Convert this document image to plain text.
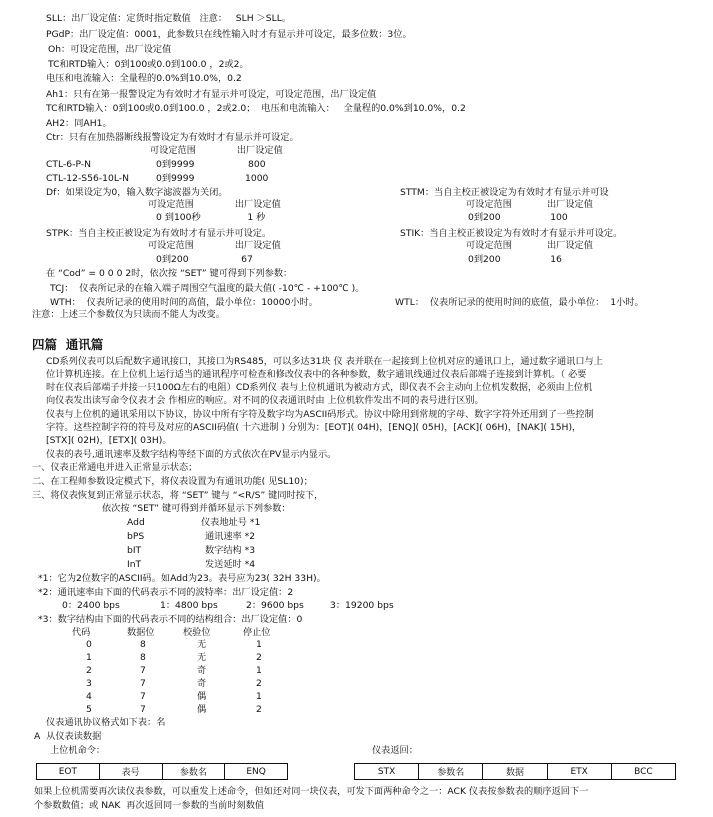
SLL：出厂设定值：定货时指定数值   注意：   SLH ＞SLL。
PGdP：出厂设定值：0001，此参数只在线性输入时才有显示并可设定，最多位数：3位。
Oh：可设定范围，出厂设定值
TC和RTD输入：0到100或0.0到100.0 ，2或2。
电压和电流输入：全量程的0.0%到10.0%，0.2
Ah1：只有在第一报警设定为有效时才有显示并可设定，可设定范围，出厂设定值
TC和RTD输入：0到100或0.0到100.0 ，2或2.0；  电压和电流输入：   全量程的0.0%到10.0%，0.2
AH2：同AH1。
Ctr：只有在加热器断线报警设定为有效时才有显示并可设定。
可设定范围              出厂设定值
CTL-6-P-N	0到9999	800
CTL-12-S56-10L-N	0到9999	1000
Df：如果设定为0，输入数字滤波器为关闭。
可设定范围              出厂设定值
0 到100秒                1 秒
STTM：当自主校正被设定为有效时才有显示并可设
可设定范围            出厂设定值
0到200                 100
STPK：当自主校正被设定为有效时才有显示并可设定。
可设定范围              出厂设定值
0到200                  67
STIK：当自主校正被设定为有效时才有显示并可设定。
可设定范围            出厂设定值
0到200                 16
在 “Cod” = 0 0 0 2时，依次按 “SET” 键可得到下列参数：
TCJ：  仪表所记录的在输入端子周围空气温度的最大值( -10℃ - +100℃ )。
WTH：  仪表所记录的使用时间的高值，最小单位：10000小时。	WTL：  仪表所记录的使用时间的底值，最小单位：  1小时。
注意：上述三个参数仅为只读而不能人为改变。
四篇  通讯篇
CD系列仪表可以后配数字通讯接口，其接口为RS485，可以多达31块 仪 表并联在一起接到上位机对应的通讯口上，通过数字通讯口与上
位计算机连接。在上位机上运行适当的通讯程序可检查和修改仪表中的各种参数，数字通讯线通过仪表后部端子连接到计算机。（ 必要
时在仪表后部端子并接一只100Ω左右的电阻）CD系列仪 表与上位机通讯为被动方式，即仪表不会主动向上位机发数据，必须由上位机
向仪表发出读写命令仪表才会 作相应的响应。对不同的仪表通讯时由 上位机软件发出不同的表号进行区别。
仪表与上位机的通讯采用以下协议，协议中所有字符及数字均为ASCII码形式。协议中除用到常规的字母、数字字符外还用到了一些控制
字符。这些控制字符的符号及对应的ASCII码值( 十六进制 ) 分别为：[EOT]( 04H)，[ENQ]( 05H)，[ACK]( 06H)，[NAK]( 15H)，
[STX]( 02H)，[ETX]( 03H)。
仪表的表号,通讯速率及数字结构等经下面的方式依次在PV显示内显示。
一、仪表正常通电并进入正常显示状态；
二、在工程师参数设定模式下，将仪表设置为有通讯功能( 见SL10)；
三、将仪表恢复到正常显示状态，将 “SET” 键与 “<R/S” 键同时按下，
依次按 “SET” 键可得到并循环显示下列参数：
Add	仪表地址号 *1
bPS	通讯速率 *2
bIT	数字结构 *3
InT	发送延时 *4
*1：它为2位数字的ASCII码。如Add为23。表号应为23( 32H 33H)。
*2：通讯速率由下面的代码表示不同的波特率：出厂设定值：2
0：2400 bps	1：4800 bps	2：9600 bps	3：19200 bps
*3：数字结构由下面的代码表示不同的结构组合：出厂设定值：0
代码	数据位	校验位	停止位
0	8	无	1
1	8	无	2
2	7	奇	1
3	7	奇	2
4	7	偶	1
5	7	偶	2
仪表通讯协议格式如下表：名
A  从仪表读数据
上位机命令：	仪表返回：
EOT	表号	参数名	ENQ	STX	参数名	数据	ETX	BCC
如果上位机需要再次读仪表参数，可以重发上述命令，但如还对同一块仪表，可发下面两种命令之一：ACK 仪表按参数表的顺序返回下一
个参数数值；或 NAK  再次返回同一参数的当前时刻数值
